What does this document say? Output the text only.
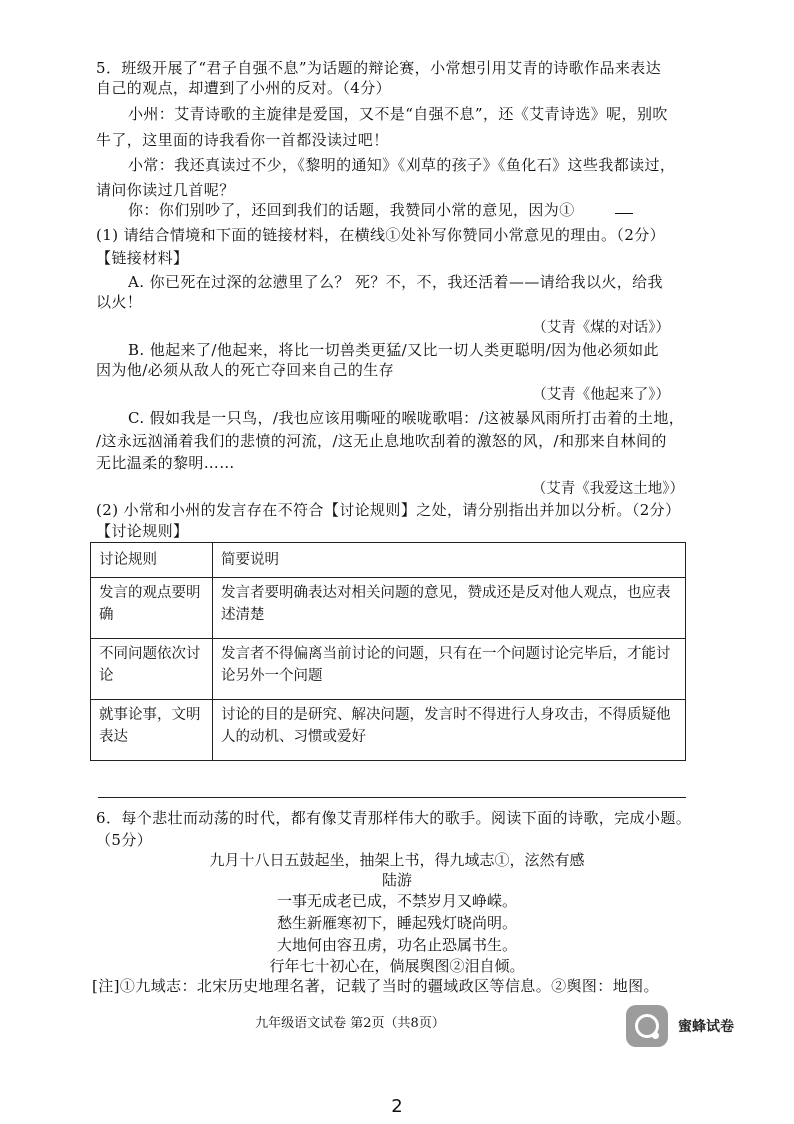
5．班级开展了“君子自强不息”为话题的辩论赛，小常想引用艾青的诗歌作品来表达
自己的观点，却遭到了小州的反对。（4分）
小州：艾青诗歌的主旋律是爱国，又不是“自强不息”，还《艾青诗选》呢，别吹
牛了，这里面的诗我看你一首都没读过吧！
小常：我还真读过不少，《黎明的通知》《刈草的孩子》《鱼化石》这些我都读过，
请问你读过几首呢？
你：你们别吵了，还回到我们的话题，我赞同小常的意见，因为①
(1) 请结合情境和下面的链接材料，在横线①处补写你赞同小常意见的理由。（2分）
【链接材料】
A. 你已死在过深的忿懑里了么？ 死？不，不，我还活着——请给我以火，给我
以火！
（艾青《煤的对话》）
B. 他起来了/他起来，将比一切兽类更猛/又比一切人类更聪明/因为他必须如此
因为他/必须从敌人的死亡夺回来自己的生存
（艾青《他起来了》）
C. 假如我是一只鸟，/我也应该用嘶哑的喉咙歌唱：/这被暴风雨所打击着的土地，
/这永远汹涌着我们的悲愤的河流，/这无止息地吹刮着的激怒的风，/和那来自林间的
无比温柔的黎明……
（艾青《我爱这土地》）
(2) 小常和小州的发言存在不符合【讨论规则】之处，请分别指出并加以分析。（2分）
【讨论规则】
讨论规则	简要说明
发言的观点要明确	发言者要明确表达对相关问题的意见，赞成还是反对他人观点，也应表述清楚
不同问题依次讨论	发言者不得偏离当前讨论的问题，只有在一个问题讨论完毕后，才能讨论另外一个问题
就事论事，文明表达	讨论的目的是研究、解决问题，发言时不得进行人身攻击，不得质疑他人的动机、习惯或爱好
6．每个悲壮而动荡的时代，都有像艾青那样伟大的歌手。阅读下面的诗歌，完成小题。
（5分）
九月十八日五鼓起坐，抽架上书，得九域志①，泫然有感
陆游
一事无成老已成，不禁岁月又峥嵘。
愁生新雁寒初下，睡起残灯晓尚明。
大地何由容丑虏，功名止恐属书生。
行年七十初心在，倘展舆图②泪自倾。
[注]①九域志：北宋历史地理名著，记载了当时的疆域政区等信息。②舆图：地图。
九年级语文试卷 第2页（共8页）	蜜蜂试卷
2
